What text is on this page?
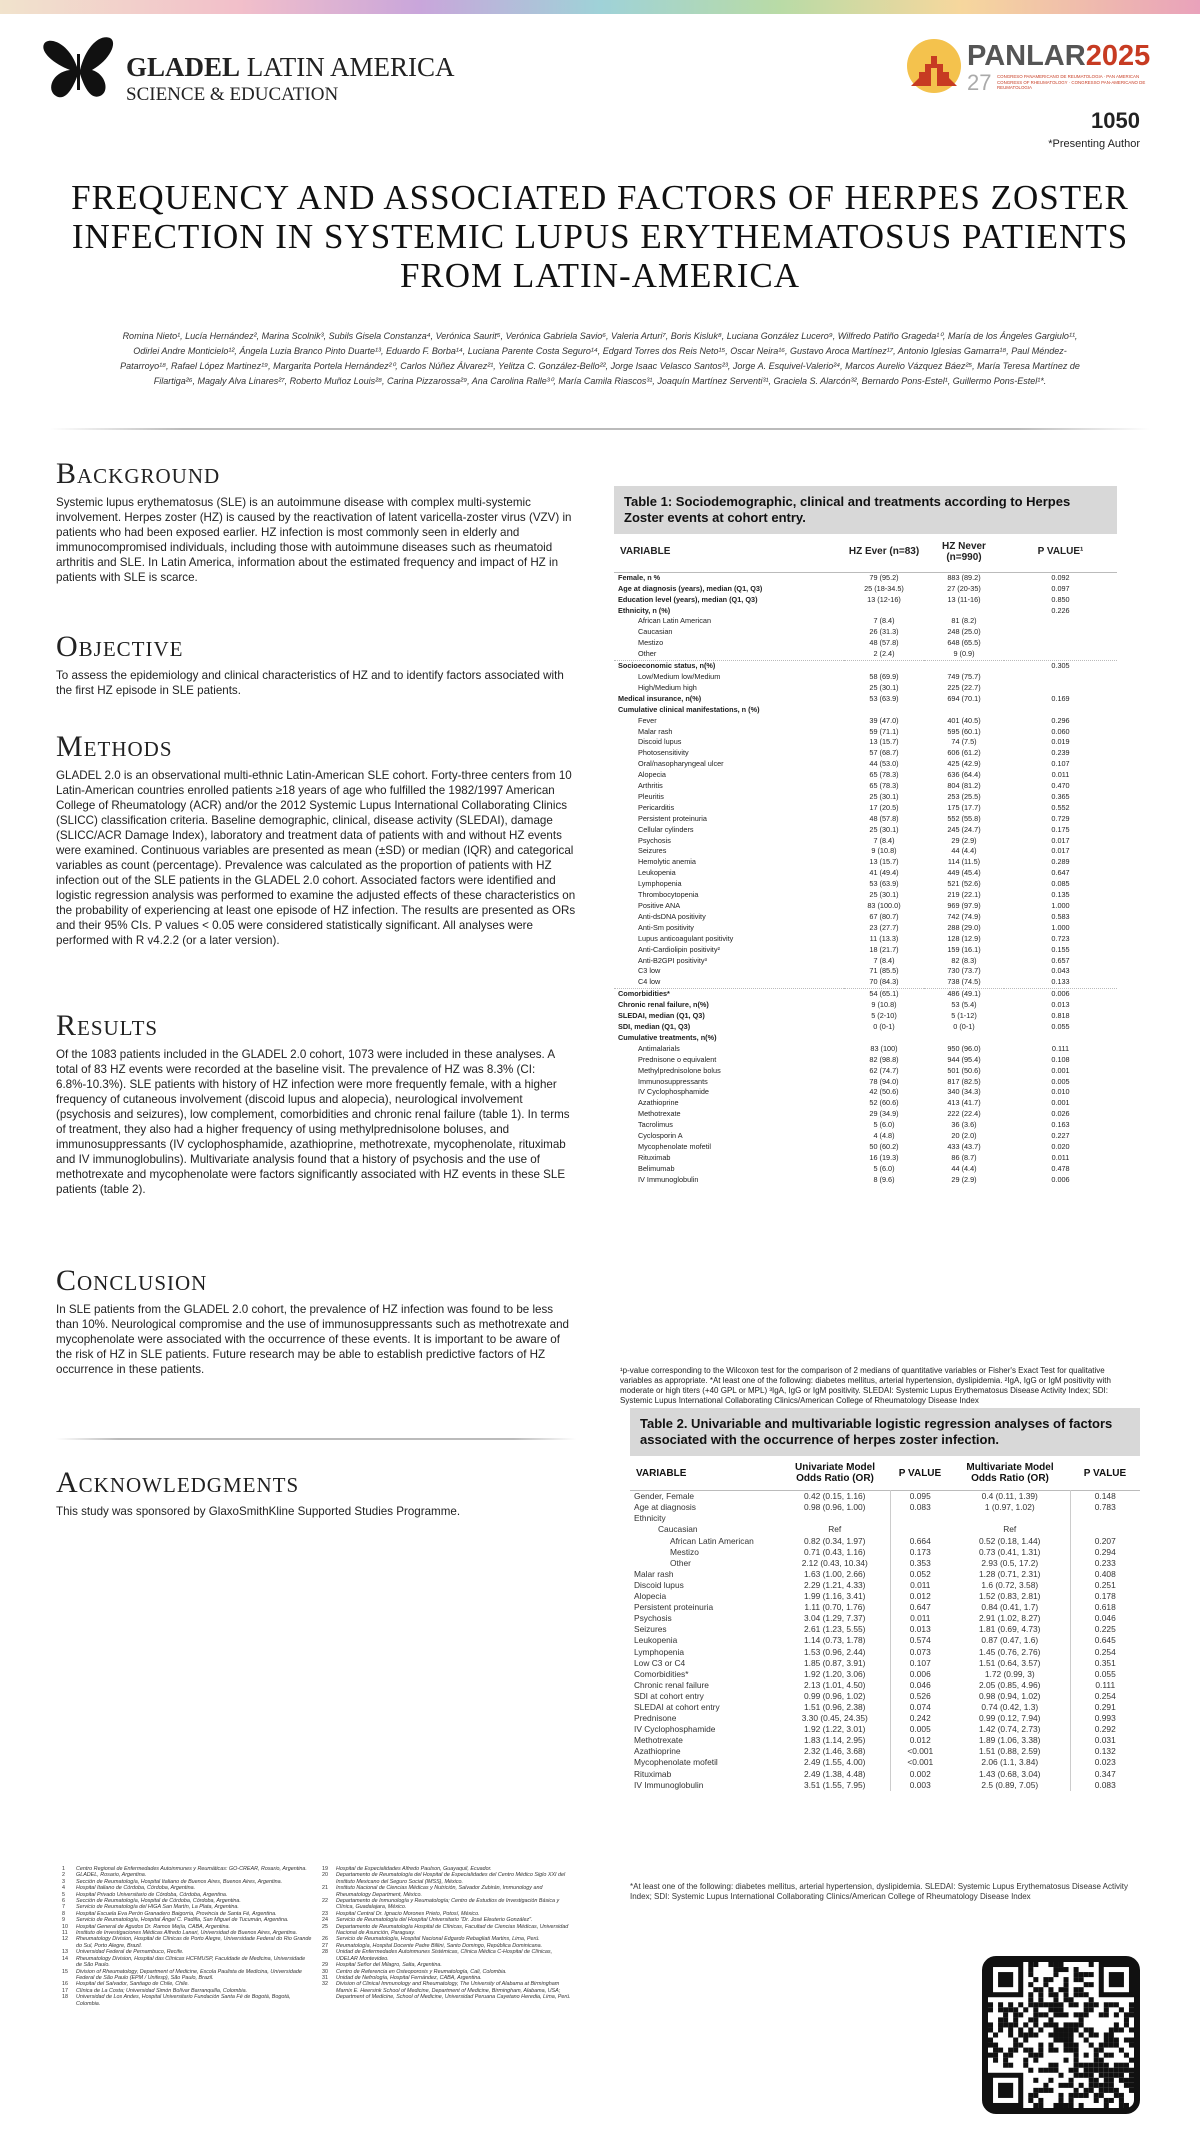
GLADEL LATIN AMERICA
SCIENCE & EDUCATION
PANLAR2025
27 CONGRESO PANAMERICANO DE REUMATOLOGIA · PAN AMERICAN CONGRESS OF RHEUMATOLOGY · CONGRESSO PAN-AMERICANO DE REUMATOLOGIA
1050
*Presenting Author
FREQUENCY AND ASSOCIATED FACTORS OF HERPES ZOSTER INFECTION IN SYSTEMIC LUPUS ERYTHEMATOSUS PATIENTS FROM LATIN-AMERICA
Romina Nieto¹, Lucía Hernández², Marina Scolnik³, Subils Gisela Constanza⁴, Verónica Saurit⁵, Verónica Gabriela Savio⁶, Valeria Arturi⁷, Boris Kisluk⁸, Luciana González Lucero⁹, Wilfredo Patiño Grageda¹⁰, María de los Ángeles Gargiulo¹¹, Odirlei Andre Monticielo¹², Ángela Luzia Branco Pinto Duarte¹³, Eduardo F. Borba¹⁴, Luciana Parente Costa Seguro¹⁴, Edgard Torres dos Reis Neto¹⁵, Oscar Neira¹⁶, Gustavo Aroca Martínez¹⁷, Antonio Iglesias Gamarra¹⁸, Paul Méndez-Patarroyo¹⁸, Rafael López Martinez¹⁹, Margarita Portela Hernández²⁰, Carlos Núñez Álvarez²¹, Yelitza C. González-Bello²², Jorge Isaac Velasco Santos²³, Jorge A. Esquivel-Valerio²⁴, Marcos Aurelio Vázquez Báez²⁵, María Teresa Martínez de Filartiga²⁶, Magaly Alva Linares²⁷, Roberto Muñoz Louis²⁸, Carina Pizzarossa²⁹, Ana Carolina Ralle³⁰, María Camila Riascos³¹, Joaquín Martínez Serventi³¹, Graciela S. Alarcón³², Bernardo Pons-Estel¹, Guillermo Pons-Estel¹*.
Background

Systemic lupus erythematosus (SLE) is an autoimmune disease with complex multi-systemic involvement. Herpes zoster (HZ) is caused by the reactivation of latent varicella-zoster virus (VZV) in patients who had been exposed earlier. HZ infection is most commonly seen in elderly and immunocompromised individuals, including those with autoimmune diseases such as rheumatoid arthritis and SLE. In Latin America, information about the estimated frequency and impact of HZ in patients with SLE is scarce.

Objective

To assess the epidemiology and clinical characteristics of HZ and to identify factors associated with the first HZ episode in SLE patients.

Methods

GLADEL 2.0 is an observational multi-ethnic Latin-American SLE cohort. Forty-three centers from 10 Latin-American countries enrolled patients ≥18 years of age who fulfilled the 1982/1997 American College of Rheumatology (ACR) and/or the 2012 Systemic Lupus International Collaborating Clinics (SLICC) classification criteria. Baseline demographic, clinical, disease activity (SLEDAI), damage (SLICC/ACR Damage Index), laboratory and treatment data of patients with and without HZ events were examined. Continuous variables are presented as mean (±SD) or median (IQR) and categorical variables as count (percentage). Prevalence was calculated as the proportion of patients with HZ infection out of the SLE patients in the GLADEL 2.0 cohort. Associated factors were identified and logistic regression analysis was performed to examine the adjusted effects of these characteristics on the probability of experiencing at least one episode of HZ infection. The results are presented as ORs and their 95% CIs. P values < 0.05 were considered statistically significant. All analyses were performed with R v4.2.2 (or a later version).

Results

Of the 1083 patients included in the GLADEL 2.0 cohort, 1073 were included in these analyses. A total of 83 HZ events were recorded at the baseline visit. The prevalence of HZ was 8.3% (CI: 6.8%-10.3%). SLE patients with history of HZ infection were more frequently female, with a higher frequency of cutaneous involvement (discoid lupus and alopecia), neurological involvement (psychosis and seizures), low complement, comorbidities and chronic renal failure (table 1). In terms of treatment, they also had a higher frequency of using methylprednisolone boluses, and immunosuppressants (IV cyclophosphamide, azathioprine, methotrexate, mycophenolate, rituximab and IV immunoglobulins). Multivariate analysis found that a history of psychosis and the use of methotrexate and mycophenolate were factors significantly associated with HZ events in these SLE patients (table 2).

Conclusion

In SLE patients from the GLADEL 2.0 cohort, the prevalence of HZ infection was found to be less than 10%. Neurological compromise and the use of immunosuppressants such as methotrexate and mycophenolate were associated with the occurrence of these events. It is important to be aware of the risk of HZ in SLE patients. Future research may be able to establish predictive factors of HZ occurrence in these patients.

Acknowledgments

This study was sponsored by GlaxoSmithKline Supported Studies Programme.

Table 1: Sociodemographic, clinical and treatments according to Herpes Zoster events at cohort entry.
VARIABLE	HZ Ever (n=83)	HZ Never (n=990)	P VALUE¹
Female, n %	79 (95.2)	883 (89.2)	0.092
Age at diagnosis (years), median (Q1, Q3)	25 (18-34.5)	27 (20-35)	0.097
Education level (years), median (Q1, Q3)	13 (12-16)	13 (11-16)	0.850
Ethnicity, n (%)			0.226
African Latin American	7 (8.4)	81 (8.2)	
Caucasian	26 (31.3)	248 (25.0)	
Mestizo	48 (57.8)	648 (65.5)	
Other	2 (2.4)	9 (0.9)	
Socioeconomic status, n(%)			0.305
Low/Medium low/Medium	58 (69.9)	749 (75.7)	
High/Medium high	25 (30.1)	225 (22.7)	
Medical insurance, n(%)	53 (63.9)	694 (70.1)	0.169
Cumulative clinical manifestations, n (%)			
Fever	39 (47.0)	401 (40.5)	0.296
Malar rash	59 (71.1)	595 (60.1)	0.060
Discoid lupus	13 (15.7)	74 (7.5)	0.019
Photosensitivity	57 (68.7)	606 (61.2)	0.239
Oral/nasopharyngeal ulcer	44 (53.0)	425 (42.9)	0.107
Alopecia	65 (78.3)	636 (64.4)	0.011
Arthritis	65 (78.3)	804 (81.2)	0.470
Pleuritis	25 (30.1)	253 (25.5)	0.365
Pericarditis	17 (20.5)	175 (17.7)	0.552
Persistent proteinuria	48 (57.8)	552 (55.8)	0.729
Cellular cylinders	25 (30.1)	245 (24.7)	0.175
Psychosis	7 (8.4)	29 (2.9)	0.017
Seizures	9 (10.8)	44 (4.4)	0.017
Hemolytic anemia	13 (15.7)	114 (11.5)	0.289
Leukopenia	41 (49.4)	449 (45.4)	0.647
Lymphopenia	53 (63.9)	521 (52.6)	0.085
Thrombocytopenia	25 (30.1)	219 (22.1)	0.135
Positive ANA	83 (100.0)	969 (97.9)	1.000
Anti-dsDNA positivity	67 (80.7)	742 (74.9)	0.583
Anti-Sm positivity	23 (27.7)	288 (29.0)	1.000
Lupus anticoagulant positivity	11 (13.3)	128 (12.9)	0.723
Anti-Cardiolipin positivity²	18 (21.7)	159 (16.1)	0.155
Anti-B2GPI positivity³	7 (8.4)	82 (8.3)	0.657
C3 low	71 (85.5)	730 (73.7)	0.043
C4 low	70 (84.3)	738 (74.5)	0.133
Comorbidities*	54 (65.1)	486 (49.1)	0.006
Chronic renal failure, n(%)	9 (10.8)	53 (5.4)	0.013
SLEDAI, median (Q1, Q3)	5 (2-10)	5 (1-12)	0.818
SDI, median (Q1, Q3)	0 (0-1)	0 (0-1)	0.055
Cumulative treatments, n(%)			
Antimalarials	83 (100)	950 (96.0)	0.111
Prednisone o equivalent	82 (98.8)	944 (95.4)	0.108
Methylprednisolone bolus	62 (74.7)	501 (50.6)	0.001
Immunosuppressants	78 (94.0)	817 (82.5)	0.005
IV Cyclophosphamide	42 (50.6)	340 (34.3)	0.010
Azathioprine	52 (60.6)	413 (41.7)	0.001
Methotrexate	29 (34.9)	222 (22.4)	0.026
Tacrolimus	5 (6.0)	36 (3.6)	0.163
Cyclosporin A	4 (4.8)	20 (2.0)	0.227
Mycophenolate mofetil	50 (60.2)	433 (43.7)	0.020
Rituximab	16 (19.3)	86 (8.7)	0.011
Belimumab	5 (6.0)	44 (4.4)	0.478
IV Immunoglobulin	8 (9.6)	29 (2.9)	0.006
¹p-value corresponding to the Wilcoxon test for the comparison of 2 medians of quantitative variables or Fisher's Exact Test for qualitative variables as appropriate. *At least one of the following: diabetes mellitus, arterial hypertension, dyslipidemia. ²IgA, IgG or IgM positivity with moderate or high titers (+40 GPL or MPL) ³IgA, IgG or IgM positivity. SLEDAI: Systemic Lupus Erythematosus Disease Activity Index; SDI: Systemic Lupus International Collaborating Clinics/American College of Rheumatology Disease Index
Table 2. Univariable and multivariable logistic regression analyses of factors associated with the occurrence of herpes zoster infection.
VARIABLE	Univariate Model Odds Ratio (OR)	P VALUE	Multivariate Model Odds Ratio (OR)	P VALUE
Gender, Female	0.42 (0.15, 1.16)	0.095	0.4 (0.11, 1.39)	0.148
Age at diagnosis	0.98 (0.96, 1.00)	0.083	1 (0.97, 1.02)	0.783
Ethnicity				
Caucasian	Ref		Ref	
African Latin American	0.82 (0.34, 1.97)	0.664	0.52 (0.18, 1.44)	0.207
Mestizo	0.71 (0.43, 1.16)	0.173	0.73 (0.41, 1.31)	0.294
Other	2.12 (0.43, 10.34)	0.353	2.93 (0.5, 17.2)	0.233
Malar rash	1.63 (1.00, 2.66)	0.052	1.28 (0.71, 2.31)	0.408
Discoid lupus	2.29 (1.21, 4.33)	0.011	1.6 (0.72, 3.58)	0.251
Alopecia	1.99 (1.16, 3.41)	0.012	1.52 (0.83, 2.81)	0.178
Persistent proteinuria	1.11 (0.70, 1.76)	0.647	0.84 (0.41, 1.7)	0.618
Psychosis	3.04 (1.29, 7.37)	0.011	2.91 (1.02, 8.27)	0.046
Seizures	2.61 (1.23, 5.55)	0.013	1.81 (0.69, 4.73)	0.225
Leukopenia	1.14 (0.73, 1.78)	0.574	0.87 (0.47, 1.6)	0.645
Lymphopenia	1.53 (0.96, 2.44)	0.073	1.45 (0.76, 2.76)	0.254
Low C3 or C4	1.85 (0.87, 3.91)	0.107	1.51 (0.64, 3.57)	0.351
Comorbidities*	1.92 (1.20, 3.06)	0.006	1.72 (0.99, 3)	0.055
Chronic renal failure	2.13 (1.01, 4.50)	0.046	2.05 (0.85, 4.96)	0.111
SDI at cohort entry	0.99 (0.96, 1.02)	0.526	0.98 (0.94, 1.02)	0.254
SLEDAI at cohort entry	1.51 (0.96, 2.38)	0.074	0.74 (0.42, 1.3)	0.291
Prednisone	3.30 (0.45, 24.35)	0.242	0.99 (0.12, 7.94)	0.993
IV Cyclophosphamide	1.92 (1.22, 3.01)	0.005	1.42 (0.74, 2.73)	0.292
Methotrexate	1.83 (1.14, 2.95)	0.012	1.89 (1.06, 3.38)	0.031
Azathioprine	2.32 (1.46, 3.68)	<0.001	1.51 (0.88, 2.59)	0.132
Mycophenolate mofetil	2.49 (1.55, 4.00)	<0.001	2.06 (1.1, 3.84)	0.023
Rituximab	2.49 (1.38, 4.48)	0.002	1.43 (0.68, 3.04)	0.347
IV Immunoglobulin	3.51 (1.55, 7.95)	0.003	2.5 (0.89, 7.05)	0.083
*At least one of the following: diabetes mellitus, arterial hypertension, dyslipidemia. SLEDAI: Systemic Lupus Erythematosus Disease Activity Index; SDI: Systemic Lupus International Collaborating Clinics/American College of Rheumatology Disease Index
1	Centro Regional de Enfermedades Autoinmunes y Reumáticas: GO-CREAR, Rosario, Argentina.
2	GLADEL, Rosario, Argentina.
3	Sección de Reumatología, Hospital Italiano de Buenos Aires, Buenos Aires, Argentina.
4	Hospital Italiano de Córdoba, Córdoba, Argentina.
5	Hospital Privado Universitario de Córdoba, Córdoba, Argentina.
6	Sección de Reumatología, Hospital de Córdoba, Córdoba, Argentina.
7	Servicio de Reumatología del HIGA San Martín, La Plata, Argentina.
8	Hospital Escuela Eva Perón Granadero Baigorria, Provincia de Santa Fé, Argentina.
9	Servicio de Reumatología, Hospital Ángel C. Padilla, San Miguel de Tucumán, Argentina.
10	Hospital General de Agudos Dr. Ramos Mejía, CABA, Argentina.
11	Instituto de Investigaciones Médicas Alfredo Lanari, Universidad de Buenos Aires, Argentina.
12	Rheumatology Division, Hospital de Clínicas de Porto Alegre, Universidade Federal do Rio Grande do Sul, Porto Alegre, Brazil.
13	Universidad Federal de Pernambuco, Recife.
14	Rheumatology Division, Hospital das Clínicas HCFMUSP, Faculdade de Medicina, Universidade de São Paulo.
15	Division of Rheumatology, Department of Medicine, Escola Paulista de Medicina, Universidade Federal de São Paulo (EPM / Unifesp), São Paulo, Brazil.
16	Hospital del Salvador, Santiago de Chile, Chile.
17	Clínica de La Costa; Universidad Simón Bolívar Barranquilla, Colombia.
18	Universidad de Los Andes, Hospital Universitario Fundación Santa Fé de Bogotá, Bogotá, Colombia.
19	Hospital de Especialidades Alfredo Paulson, Guayaquil, Ecuador.
20	Departamento de Reumatología del Hospital de Especialidades del Centro Médico Siglo XXI del Instituto Mexicano del Seguro Social (IMSS), México.
21	Instituto Nacional de Ciencias Médicas y Nutrición, Salvador Zubirán, Immunology and Rheumatology Department, México.
22	Departamento de Inmunología y Reumatología; Centro de Estudios de Investigación Básica y Clínica, Guadalajara, México.
23	Hospital Central Dr. Ignacio Morones Prieto, Potosí, México.
24	Servicio de Reumatología del Hospital Universitario "Dr. José Eleuterio González".
25	Departamento de Reumatología Hospital de Clínicas, Facultad de Ciencias Médicas, Universidad Nacional de Asunción, Paraguay.
26	Servicio de Reumatología, Hospital Nacional Edgardo Rebagliati Martins, Lima, Perú.
27	Reumatología, Hospital Docente Padre Billini, Santo Domingo, República Dominicana.
28	Unidad de Enfermedades Autoinmunes Sistémicas, Clínica Médica C-Hospital de Clínicas, UDELAR Montevideo.
29	Hospital Señor del Milagro, Salta, Argentina.
30	Centro de Referencia en Osteoporosis y Reumatología, Cali, Colombia.
31	Unidad de Nefrología, Hospital Fernández, CABA, Argentina.
32	Division of Clinical Immunology and Rheumatology, The University of Alabama at Birmingham Marnix E. Heersink School of Medicine, Department of Medicine, Birmingham, Alabama, USA; Department of Medicine, School of Medicine, Universidad Peruana Cayetano Heredia, Lima, Perú.
